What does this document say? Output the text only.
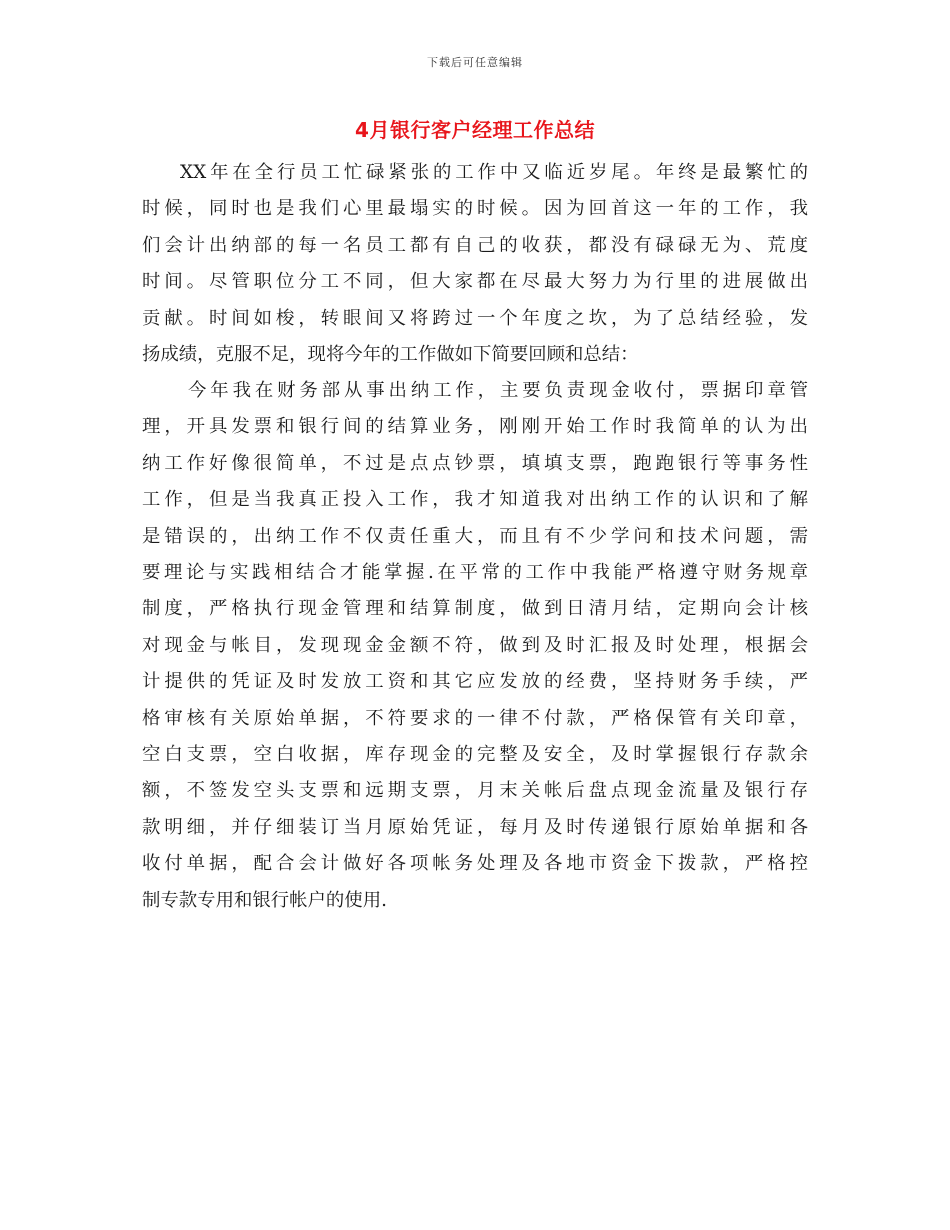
下载后可任意编辑
4月银行客户经理工作总结
XX年在全行员工忙碌紧张的工作中又临近岁尾。年终是最繁忙的
时候，同时也是我们心里最塌实的时候。因为回首这一年的工作，我
们会计出纳部的每一名员工都有自己的收获，都没有碌碌无为、荒度
时间。尽管职位分工不同，但大家都在尽最大努力为行里的进展做出
贡献。时间如梭，转眼间又将跨过一个年度之坎，为了总结经验，发
扬成绩，克服不足，现将今年的工作做如下简要回顾和总结：
今年我在财务部从事出纳工作，主要负责现金收付，票据印章管
理，开具发票和银行间的结算业务，刚刚开始工作时我简单的认为出
纳工作好像很简单，不过是点点钞票，填填支票，跑跑银行等事务性
工作，但是当我真正投入工作，我才知道我对出纳工作的认识和了解
是错误的，出纳工作不仅责任重大，而且有不少学问和技术问题，需
要理论与实践相结合才能掌握.在平常的工作中我能严格遵守财务规章
制度，严格执行现金管理和结算制度，做到日清月结，定期向会计核
对现金与帐目，发现现金金额不符，做到及时汇报及时处理，根据会
计提供的凭证及时发放工资和其它应发放的经费，坚持财务手续，严
格审核有关原始单据，不符要求的一律不付款，严格保管有关印章，
空白支票，空白收据，库存现金的完整及安全，及时掌握银行存款余
额，不签发空头支票和远期支票，月末关帐后盘点现金流量及银行存
款明细，并仔细装订当月原始凭证，每月及时传递银行原始单据和各
收付单据，配合会计做好各项帐务处理及各地市资金下拨款，严格控
制专款专用和银行帐户的使用.
